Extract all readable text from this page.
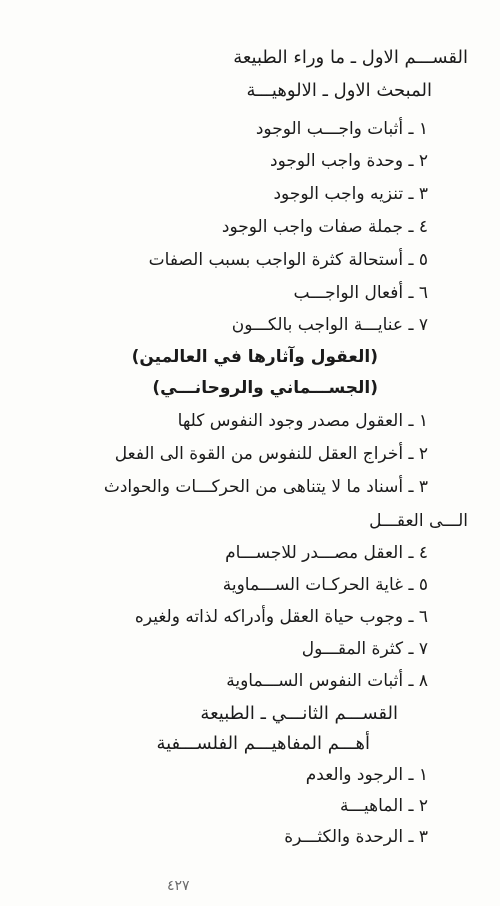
القســـم الاول ـ ما وراء الطبيعة
المبحث الاول ـ الالوهيـــة
١ ـ أثبات واجـــب الوجود
٢ ـ وحدة واجب الوجود
٣ ـ تنزيه واجب الوجود
٤ ـ جملة صفات واجب الوجود
٥ ـ أستحالة كثرة الواجب بسبب الصفات
٦ ـ أفعال الواجـــب
٧ ـ عنايـــة الواجب بالكـــون
(العقول وآثارها في العالمين)
(الجســـماني والروحانـــي)
١ ـ العقول مصدر وجود النفوس كلها
٢ ـ أخراج العقل للنفوس من القوة الى الفعل
٣ ـ أسناد ما لا يتناهى من الحركـــات والحوادث
الـــى العقـــل
٤ ـ العقل مصـــدر للاجســـام
٥ ـ غاية الحركـات الســـماوية
٦ ـ وجوب حياة العقل وأدراكه لذاته ولغيره
٧ ـ كثرة المقـــول
٨ ـ أثبات النفوس الســـماوية
القســـم الثانـــي ـ الطبيعة
أهـــم المفاهيـــم الفلســـفية
١ ـ الرجود والعدم
٢ ـ الماهيـــة
٣ ـ الرحدة والكثـــرة
٤٢٧
